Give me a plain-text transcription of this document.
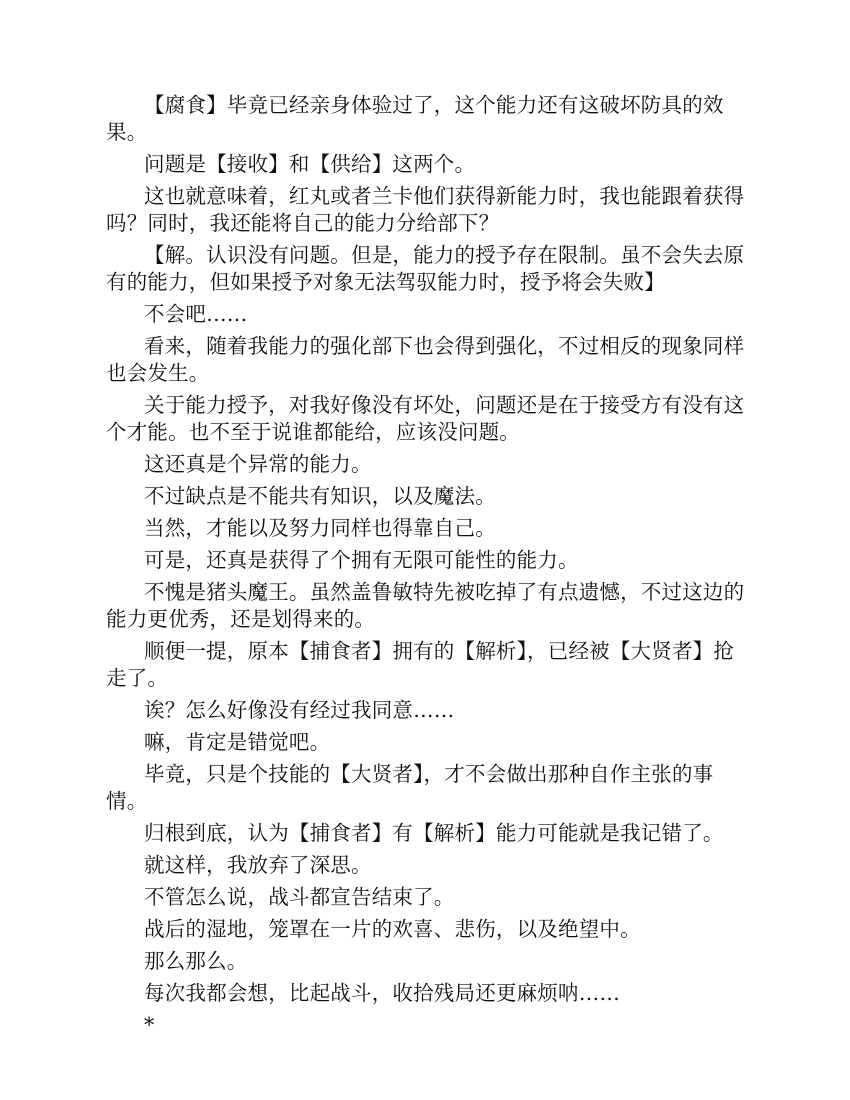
【腐食】毕竟已经亲身体验过了，这个能力还有这破坏防具的效果。

问题是【接收】和【供给】这两个。

这也就意味着，红丸或者兰卡他们获得新能力时，我也能跟着获得吗？同时，我还能将自己的能力分给部下？

【解。认识没有问题。但是，能力的授予存在限制。虽不会失去原有的能力，但如果授予对象无法驾驭能力时，授予将会失败】

不会吧……

看来，随着我能力的强化部下也会得到强化，不过相反的现象同样也会发生。

关于能力授予，对我好像没有坏处，问题还是在于接受方有没有这个才能。也不至于说谁都能给，应该没问题。

这还真是个异常的能力。

不过缺点是不能共有知识，以及魔法。

当然，才能以及努力同样也得靠自己。

可是，还真是获得了个拥有无限可能性的能力。

不愧是猪头魔王。虽然盖鲁敏特先被吃掉了有点遗憾，不过这边的能力更优秀，还是划得来的。

顺便一提，原本【捕食者】拥有的【解析】，已经被【大贤者】抢走了。

诶？怎么好像没有经过我同意……

嘛，肯定是错觉吧。

毕竟，只是个技能的【大贤者】，才不会做出那种自作主张的事情。

归根到底，认为【捕食者】有【解析】能力可能就是我记错了。

就这样，我放弃了深思。

不管怎么说，战斗都宣告结束了。

战后的湿地，笼罩在一片的欢喜、悲伤，以及绝望中。

那么那么。

每次我都会想，比起战斗，收拾残局还更麻烦呐……

*
